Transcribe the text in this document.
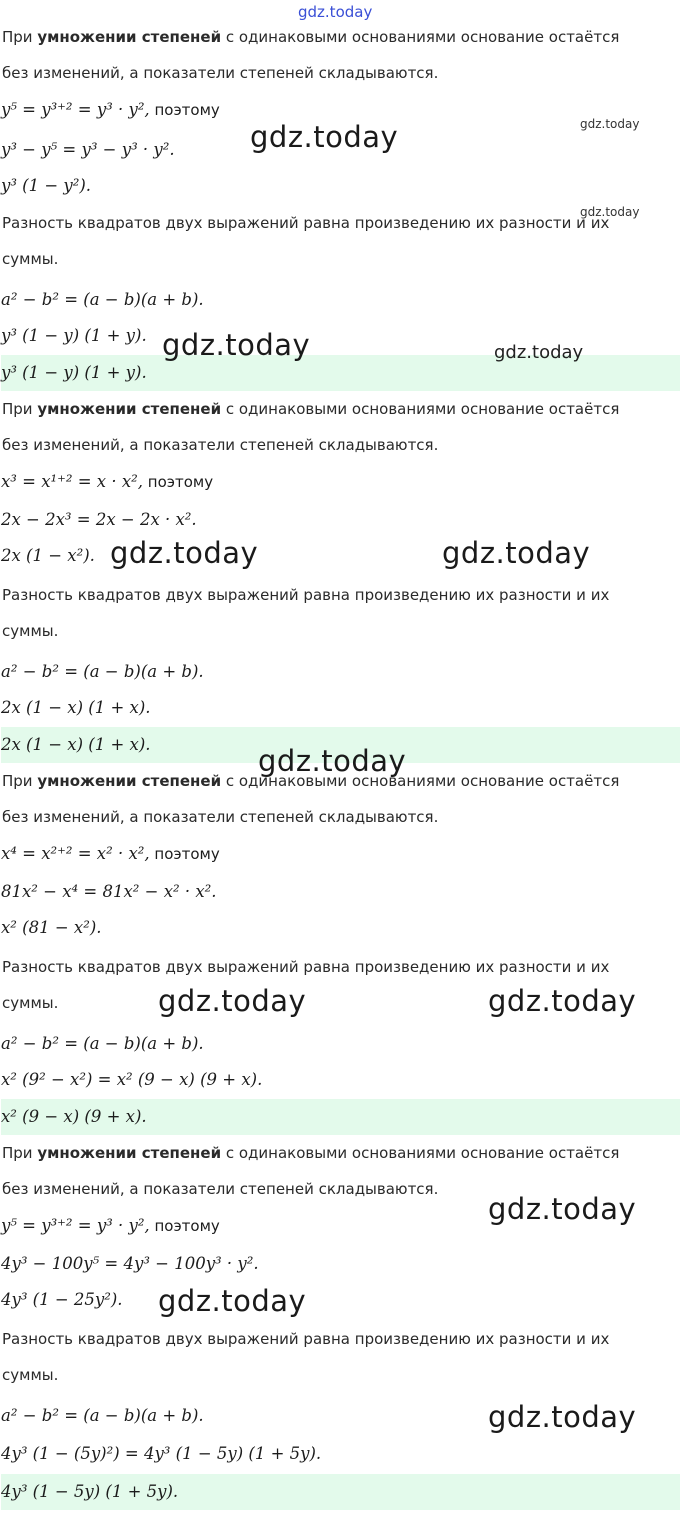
При умножении степеней с одинаковыми основаниями основание остаётся
без изменений, а показатели степеней складываются.
y⁵ = y³⁺² = y³ · y², поэтому
y³ − y⁵ = y³ − y³ · y².
y³ (1 − y²).
Разность квадратов двух выражений равна произведению их разности и их
суммы.
a² − b² = (a − b)(a + b).
y³ (1 − y) (1 + y).
y³ (1 − y) (1 + y).
При умножении степеней с одинаковыми основаниями основание остаётся
без изменений, а показатели степеней складываются.
x³ = x¹⁺² = x · x², поэтому
2x − 2x³ = 2x − 2x · x².
2x (1 − x²).
Разность квадратов двух выражений равна произведению их разности и их
суммы.
a² − b² = (a − b)(a + b).
2x (1 − x) (1 + x).
2x (1 − x) (1 + x).
При умножении степеней с одинаковыми основаниями основание остаётся
без изменений, а показатели степеней складываются.
x⁴ = x²⁺² = x² · x², поэтому
81x² − x⁴ = 81x² − x² · x².
x² (81 − x²).
Разность квадратов двух выражений равна произведению их разности и их
суммы.
a² − b² = (a − b)(a + b).
x² (9² − x²) = x² (9 − x) (9 + x).
x² (9 − x) (9 + x).
При умножении степеней с одинаковыми основаниями основание остаётся
без изменений, а показатели степеней складываются.
y⁵ = y³⁺² = y³ · y², поэтому
4y³ − 100y⁵ = 4y³ − 100y³ · y².
4y³ (1 − 25y²).
Разность квадратов двух выражений равна произведению их разности и их
суммы.
a² − b² = (a − b)(a + b).
4y³ (1 − (5y)²) = 4y³ (1 − 5y) (1 + 5y).
4y³ (1 − 5y) (1 + 5y).
gdz.today
gdz.today
gdz.today
gdz.today	gdz.today
gdz.today
gdz.today	gdz.today
gdz.today
gdz.today
gdz.today
gdz.today
gdz.today
gdz.today
